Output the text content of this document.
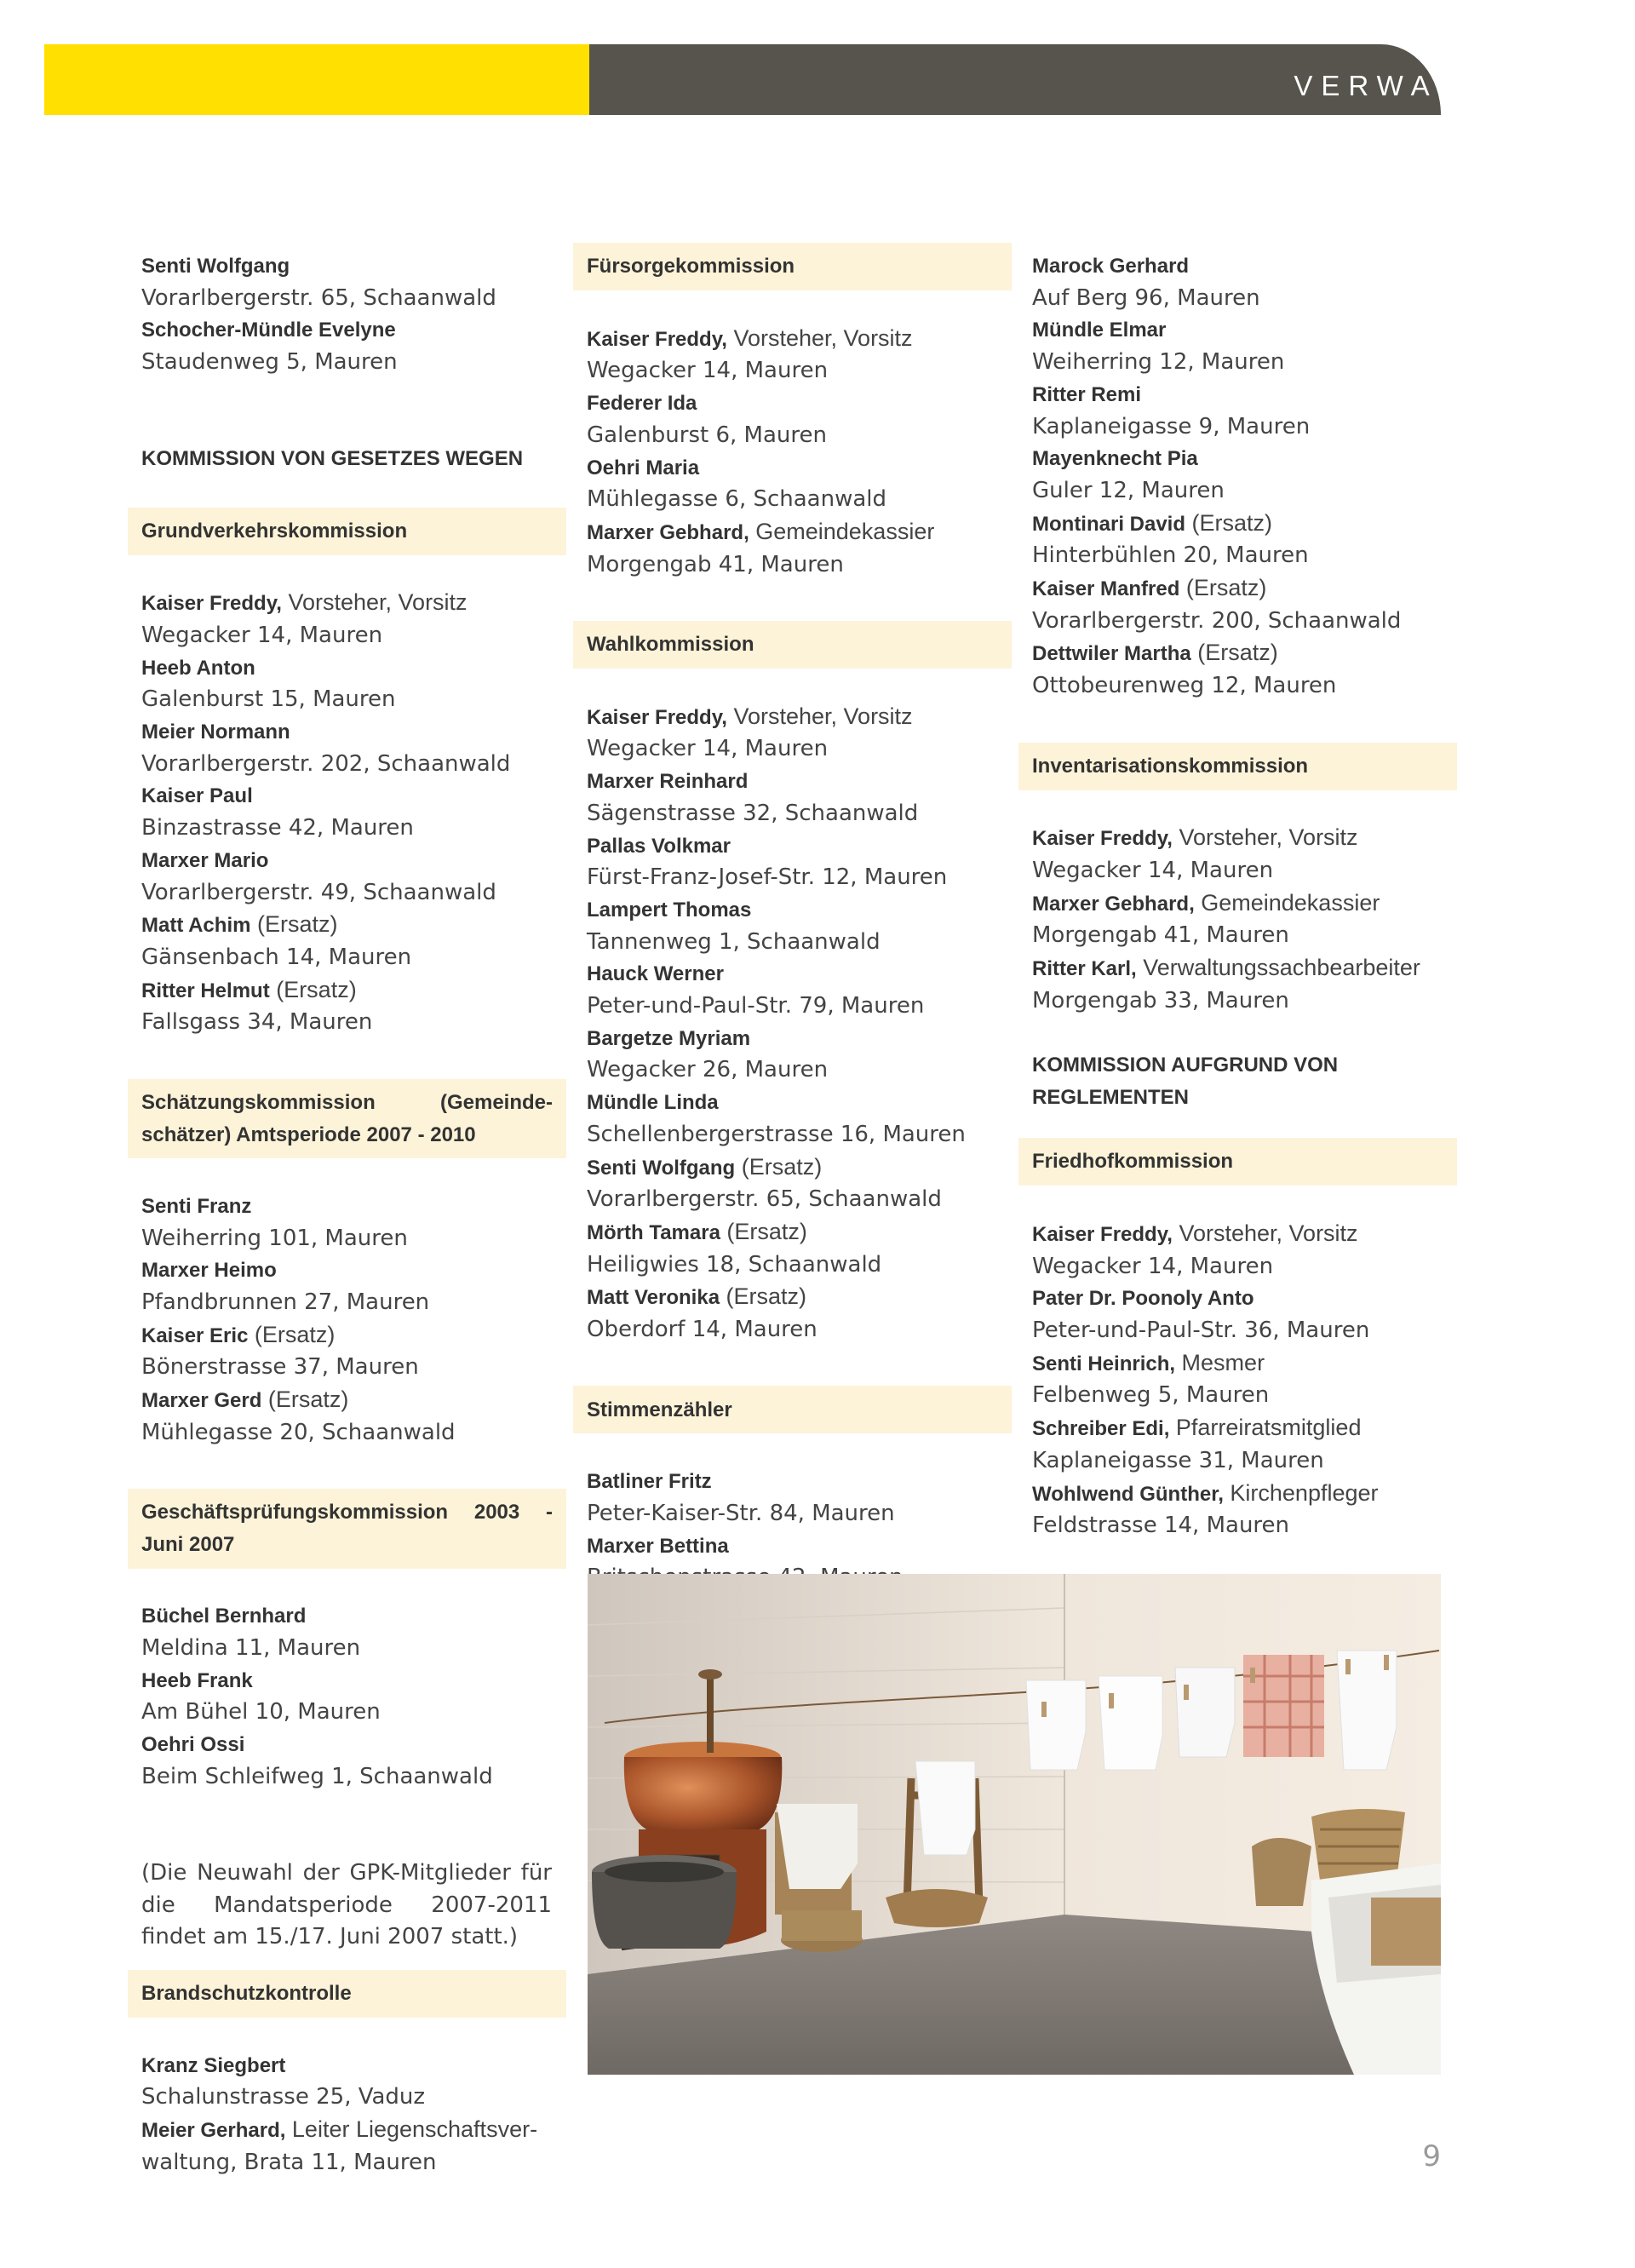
VERWALTUNG
Senti Wolfgang
Vorarlbergerstr. 65, Schaanwald
Schocher-Mündle Evelyne
Staudenweg 5, Mauren
KOMMISSION VON GESETZES WEGEN
Grundverkehrskommission
Kaiser Freddy, Vorsteher, Vorsitz
Wegacker 14, Mauren
Heeb Anton
Galenburst 15, Mauren
Meier Normann
Vorarlbergerstr. 202, Schaanwald
Kaiser Paul
Binzastrasse 42, Mauren
Marxer Mario
Vorarlbergerstr. 49, Schaanwald
Matt Achim (Ersatz)
Gänsenbach 14, Mauren
Ritter Helmut (Ersatz)
Fallsgass 34, Mauren
Schätzungskommission (Gemeinde-schätzer) Amtsperiode 2007 - 2010
Senti Franz
Weiherring 101, Mauren
Marxer Heimo
Pfandbrunnen 27, Mauren
Kaiser Eric (Ersatz)
Bönerstrasse 37, Mauren
Marxer Gerd (Ersatz)
Mühlegasse 20, Schaanwald
Geschäftsprüfungskommission 2003 - Juni 2007
Büchel Bernhard
Meldina 11, Mauren
Heeb Frank
Am Bühel 10, Mauren
Oehri Ossi
Beim Schleifweg 1, Schaanwald
(Die Neuwahl der GPK-Mitglieder für die Mandatsperiode 2007-2011 findet am 15./17. Juni 2007 statt.)
Brandschutzkontrolle
Kranz Siegbert
Schalunstrasse 25, Vaduz
Meier Gerhard, Leiter Liegenschaftsver-
waltung, Brata 11, Mauren
Fürsorgekommission
Kaiser Freddy, Vorsteher, Vorsitz
Wegacker 14, Mauren
Federer Ida
Galenburst 6, Mauren
Oehri Maria
Mühlegasse 6, Schaanwald
Marxer Gebhard, Gemeindekassier
Morgengab 41, Mauren
Wahlkommission
Kaiser Freddy, Vorsteher, Vorsitz
Wegacker 14, Mauren
Marxer Reinhard
Sägenstrasse 32, Schaanwald
Pallas Volkmar
Fürst-Franz-Josef-Str. 12, Mauren
Lampert Thomas
Tannenweg 1, Schaanwald
Hauck Werner
Peter-und-Paul-Str. 79, Mauren
Bargetze Myriam
Wegacker 26, Mauren
Mündle Linda
Schellenbergerstrasse 16, Mauren
Senti Wolfgang (Ersatz)
Vorarlbergerstr. 65, Schaanwald
Mörth Tamara (Ersatz)
Heiligwies 18, Schaanwald
Matt Veronika (Ersatz)
Oberdorf 14, Mauren
Stimmenzähler
Batliner Fritz
Peter-Kaiser-Str. 84, Mauren
Marxer Bettina
Marock Gerhard
Auf Berg 96, Mauren
Mündle Elmar
Weiherring 12, Mauren
Ritter Remi
Kaplaneigasse 9, Mauren
Mayenknecht Pia
Guler 12, Mauren
Montinari David (Ersatz)
Hinterbühlen 20, Mauren
Kaiser Manfred (Ersatz)
Vorarlbergerstr. 200, Schaanwald
Dettwiler Martha (Ersatz)
Ottobeurenweg 12, Mauren
Inventarisationskommission
Kaiser Freddy, Vorsteher, Vorsitz
Wegacker 14, Mauren
Marxer Gebhard, Gemeindekassier
Morgengab 41, Mauren
Ritter Karl, Verwaltungssachbearbeiter
Morgengab 33, Mauren
KOMMISSION AUFGRUND VON REGLEMENTEN
Friedhofkommission
Kaiser Freddy, Vorsteher, Vorsitz
Wegacker 14, Mauren
Pater Dr. Poonoly Anto
Peter-und-Paul-Str. 36, Mauren
Senti Heinrich, Mesmer
Felbenweg 5, Mauren
Schreiber Edi, Pfarreiratsmitglied
Kaplaneigasse 31, Mauren
Wohlwend Günther, Kirchenpfleger
Feldstrasse 14, Mauren
9
